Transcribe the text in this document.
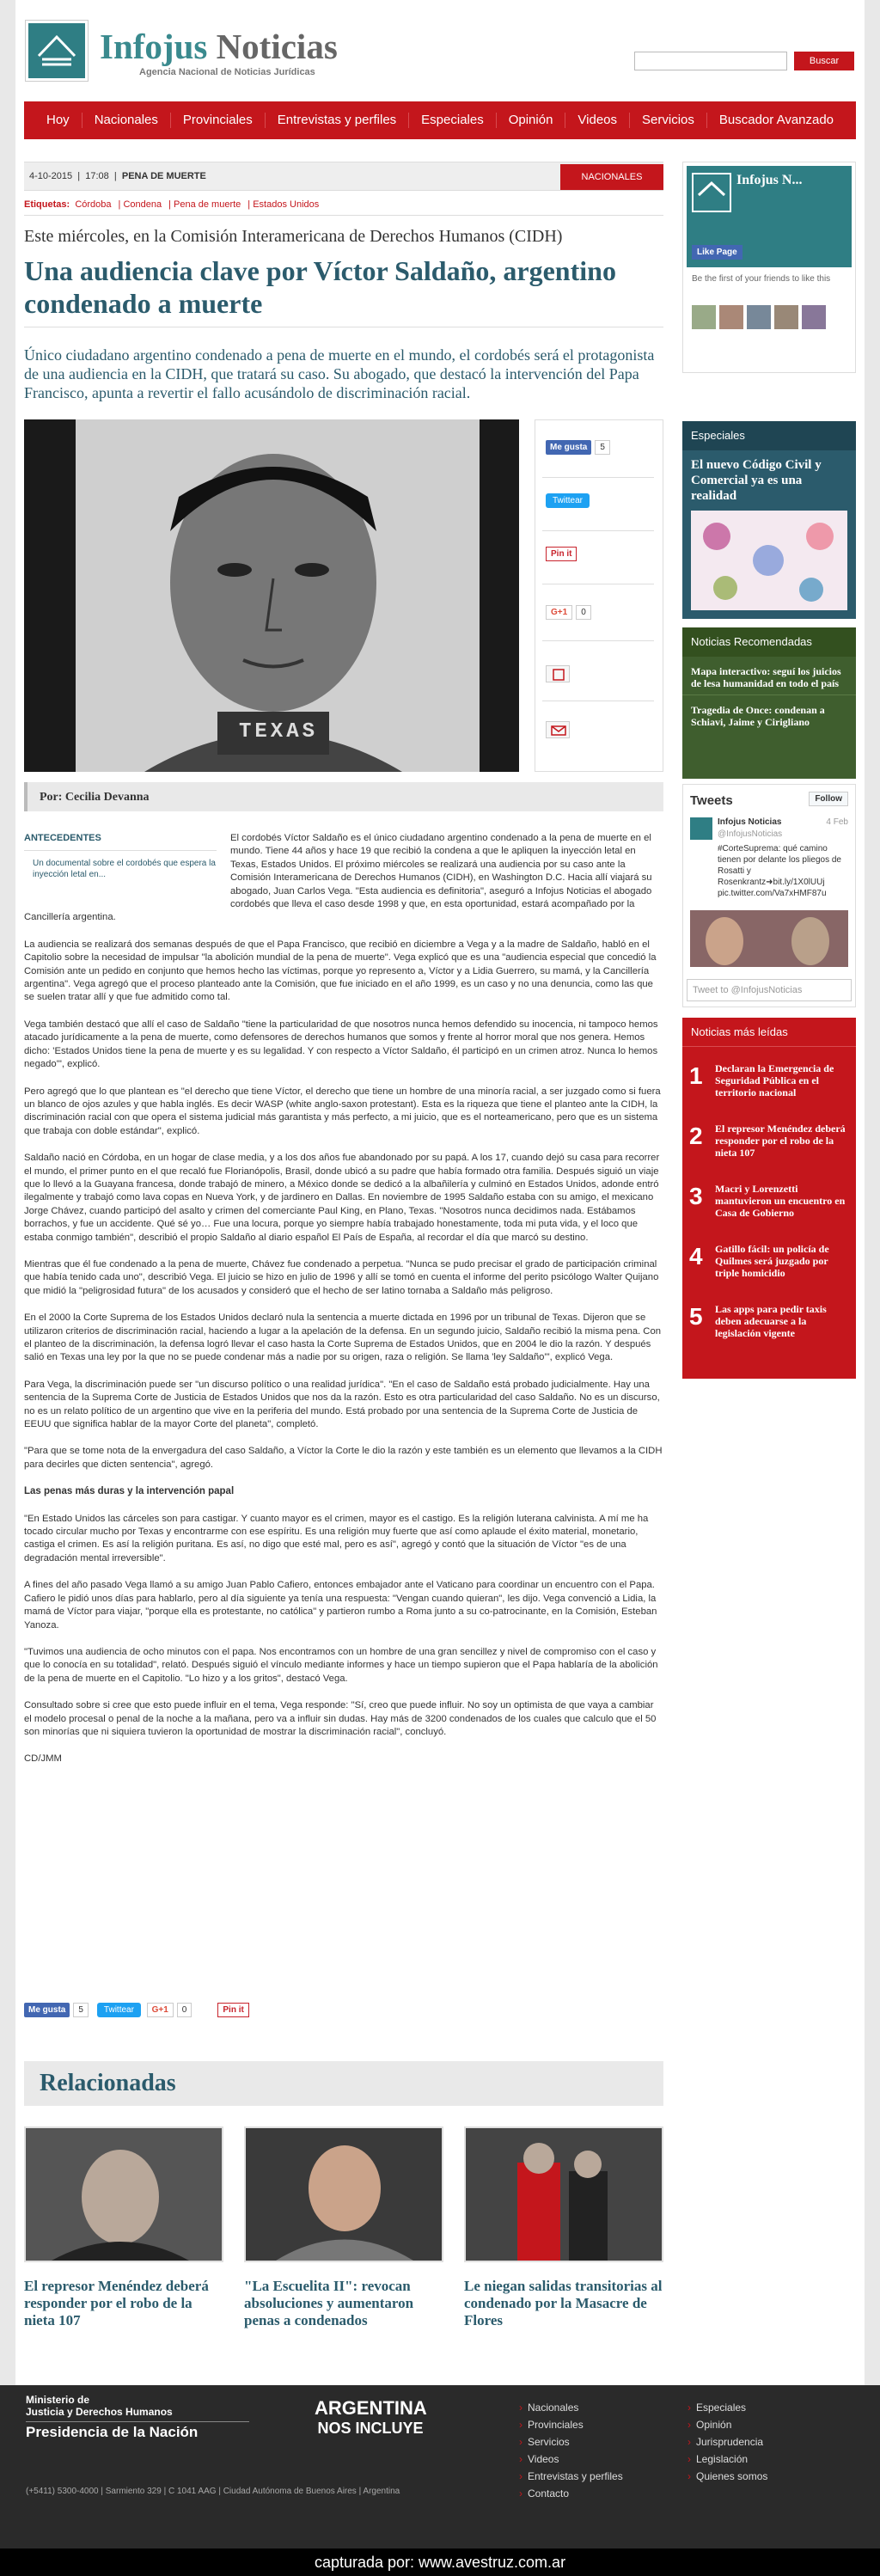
Infojus Noticias
Agencia Nacional de Noticias Jurídicas
Buscar
Hoy	Nacionales	Provinciales	Entrevistas y perfiles	Especiales	Opinión	Videos	Servicios	Buscador Avanzado
4-10-2015  |  17:08  |  PENA DE MUERTE	NACIONALES
Etiquetas: Córdoba | Condena | Pena de muerte | Estados Unidos
Este miércoles, en la Comisión Interamericana de Derechos Humanos (CIDH)
Una audiencia clave por Víctor Saldaño, argentino condenado a muerte
Único ciudadano argentino condenado a pena de muerte en el mundo, el cordobés será el protagonista de una audiencia en la CIDH, que tratará su caso. Su abogado, que destacó la intervención del Papa Francisco, apunta a revertir el fallo acusándolo de discriminación racial.
TEXAS
Me gusta 5
Twittear
Pin it
G+1 0
Por: Cecilia Devanna
ANTECEDENTES
Un documental sobre el cordobés que espera la inyección letal en...

El cordobés Víctor Saldaño es el único ciudadano argentino condenado a la pena de muerte en el mundo. Tiene 44 años y hace 19 que recibió la condena a que le apliquen la inyección letal en Texas, Estados Unidos. El próximo miércoles se realizará una audiencia por su caso ante la Comisión Interamericana de Derechos Humanos (CIDH), en Washington D.C. Hacia allí viajará su abogado, Juan Carlos Vega. "Esta audiencia es definitoria", aseguró a Infojus Noticias el abogado cordobés que lleva el caso desde 1998 y que, en esta oportunidad, estará acompañado por la Cancillería argentina.

La audiencia se realizará dos semanas después de que el Papa Francisco, que recibió en diciembre a Vega y a la madre de Saldaño, habló en el Capitolio sobre la necesidad de impulsar "la abolición mundial de la pena de muerte". Vega explicó que es una "audiencia especial que concedió la Comisión ante un pedido en conjunto que hemos hecho las víctimas, porque yo represento a, Víctor y a Lidia Guerrero, su mamá, y la Cancillería argentina". Vega agregó que el proceso planteado ante la Comisión, que fue iniciado en el año 1999, es un caso y no una denuncia, como las que se suelen tratar allí y que fue admitido como tal.

Vega también destacó que allí el caso de Saldaño "tiene la particularidad de que nosotros nunca hemos defendido su inocencia, ni tampoco hemos atacado jurídicamente a la pena de muerte, como defensores de derechos humanos que somos y frente al horror moral que nos genera. Hemos dicho: 'Estados Unidos tiene la pena de muerte y es su legalidad. Y con respecto a Víctor Saldaño, él participó en un crimen atroz. Nunca lo hemos negado'", explicó.

Pero agregó que lo que plantean es "el derecho que tiene Víctor, el derecho que tiene un hombre de una minoría racial, a ser juzgado como si fuera un blanco de ojos azules y que habla inglés. Es decir WASP (white anglo-saxon protestant). Esta es la riqueza que tiene el planteo ante la CIDH, la discriminación racial con que opera el sistema judicial más garantista y más perfecto, a mi juicio, que es el norteamericano, pero que es un sistema que trabaja con doble estándar", explicó.

Saldaño nació en Córdoba, en un hogar de clase media, y a los dos años fue abandonado por su papá. A los 17, cuando dejó su casa para recorrer el mundo, el primer punto en el que recaló fue Florianópolis, Brasil, donde ubicó a su padre que había formado otra familia. Después siguió un viaje que lo llevó a la Guayana francesa, donde trabajó de minero, a México donde se dedicó a la albañilería y culminó en Estados Unidos, adonde entró ilegalmente y trabajó como lava copas en Nueva York, y de jardinero en Dallas. En noviembre de 1995 Saldaño estaba con su amigo, el mexicano Jorge Chávez, cuando participó del asalto y crimen del comerciante Paul King, en Plano, Texas. "Nosotros nunca decidimos nada. Estábamos borrachos, y fue un accidente. Qué sé yo… Fue una locura, porque yo siempre había trabajado honestamente, toda mi puta vida, y el loco que estaba conmigo también", describió el propio Saldaño al diario español El País de España, al recordar el día que marcó su destino.

Mientras que él fue condenado a la pena de muerte, Chávez fue condenado a perpetua. "Nunca se pudo precisar el grado de participación criminal que había tenido cada uno", describió Vega. El juicio se hizo en julio de 1996 y allí se tomó en cuenta el informe del perito psicólogo Walter Quijano que midió la "peligrosidad futura" de los acusados y consideró que el hecho de ser latino tornaba a Saldaño más peligroso.

En el 2000 la Corte Suprema de los Estados Unidos declaró nula la sentencia a muerte dictada en 1996 por un tribunal de Texas. Dijeron que se utilizaron criterios de discriminación racial, haciendo a lugar a la apelación de la defensa. En un segundo juicio, Saldaño recibió la misma pena. Con el planteo de la discriminación, la defensa logró llevar el caso hasta la Corte Suprema de Estados Unidos, que en 2004 le dio la razón. Y después salió en Texas una ley por la que no se puede condenar más a nadie por su origen, raza o religión. Se llama 'ley Saldaño'", explicó Vega.

Para Vega, la discriminación puede ser "un discurso político o una realidad jurídica". "En el caso de Saldaño está probado judicialmente. Hay una sentencia de la Suprema Corte de Justicia de Estados Unidos que nos da la razón. Esto es otra particularidad del caso Saldaño. No es un discurso, no es un relato político de un argentino que vive en la periferia del mundo. Está probado por una sentencia de la Suprema Corte de Justicia de EEUU que significa hablar de la mayor Corte del planeta", completó.

"Para que se tome nota de la envergadura del caso Saldaño, a Víctor la Corte le dio la razón y este también es un elemento que llevamos a la CIDH para decirles que dicten sentencia", agregó.

Las penas más duras y la intervención papal

"En Estado Unidos las cárceles son para castigar. Y cuanto mayor es el crimen, mayor es el castigo. Es la religión luterana calvinista. A mí me ha tocado circular mucho por Texas y encontrarme con ese espíritu. Es una religión muy fuerte que así como aplaude el éxito material, monetario, castiga el crimen. Es así la religión puritana. Es así, no digo que esté mal, pero es así", agregó y contó que la situación de Víctor "es de una degradación mental irreversible".

A fines del año pasado Vega llamó a su amigo Juan Pablo Cafiero, entonces embajador ante el Vaticano para coordinar un encuentro con el Papa. Cafiero le pidió unos días para hablarlo, pero al día siguiente ya tenía una respuesta: "Vengan cuando quieran", les dijo. Vega convenció a Lidia, la mamá de Víctor para viajar, "porque ella es protestante, no católica" y partieron rumbo a Roma junto a su co-patrocinante, en la Comisión, Esteban Yanoza.

"Tuvimos una audiencia de ocho minutos con el papa. Nos encontramos con un hombre de una gran sencillez y nivel de compromiso con el caso y que lo conocía en su totalidad", relató. Después siguió el vínculo mediante informes y hace un tiempo supieron que el Papa hablaría de la abolición de la pena de muerte en el Capitolio. "Lo hizo y a los gritos", destacó Vega.

Consultado sobre si cree que esto puede influir en el tema, Vega responde: "Sí, creo que puede influir. No soy un optimista de que vaya a cambiar el modelo procesal o penal de la noche a la mañana, pero va a influir sin dudas. Hay más de 3200 condenados de los cuales que calculo que el 50 son minorías que ni siquiera tuvieron la oportunidad de mostrar la discriminación racial", concluyó.

CD/JMM

Relacionadas
El represor Menéndez deberá responder por el robo de la nieta 107
"La Escuelita II": revocan absoluciones y aumentaron penas a condenados
Le niegan salidas transitorias al condenado por la Masacre de Flores
Me gusta 5 Twittear G+1 0	Pin it
Infojus N...
Like Page
Be the first of your friends to like this
Especiales
El nuevo Código Civil y Comercial ya es una realidad
Noticias Recomendadas
Mapa interactivo: seguí los juicios de lesa humanidad en todo el país
Tragedia de Once: condenan a Schiavi, Jaime y Cirigliano
Tweets	Follow
Infojus Noticias	4 Feb
@InfojusNoticias
#CorteSuprema: qué camino tienen por delante los pliegos de Rosatti y Rosenkrantz➜bit.ly/1X0lUUj pic.twitter.com/Va7xHMF87u
Tweet to @InfojusNoticias
Noticias más leídas
1 Declaran la Emergencia de Seguridad Pública en el territorio nacional
2 El represor Menéndez deberá responder por el robo de la nieta 107
3 Macri y Lorenzetti mantuvieron un encuentro en Casa de Gobierno
4 Gatillo fácil: un policía de Quilmes será juzgado por triple homicidio
5 Las apps para pedir taxis deben adecuarse a la legislación vigente
Ministerio de
Justicia y Derechos Humanos
Presidencia de la Nación
ARGENTINA
NOS INCLUYE
(+5411) 5300-4000 | Sarmiento 329 | C 1041 AAG | Ciudad Autónoma de Buenos Aires | Argentina
› Nacionales
› Provinciales
› Servicios
› Videos
› Entrevistas y perfiles
› Contacto
› Especiales
› Opinión
› Jurisprudencia
› Legislación
› Quienes somos
capturada por: www.avestruz.com.ar
